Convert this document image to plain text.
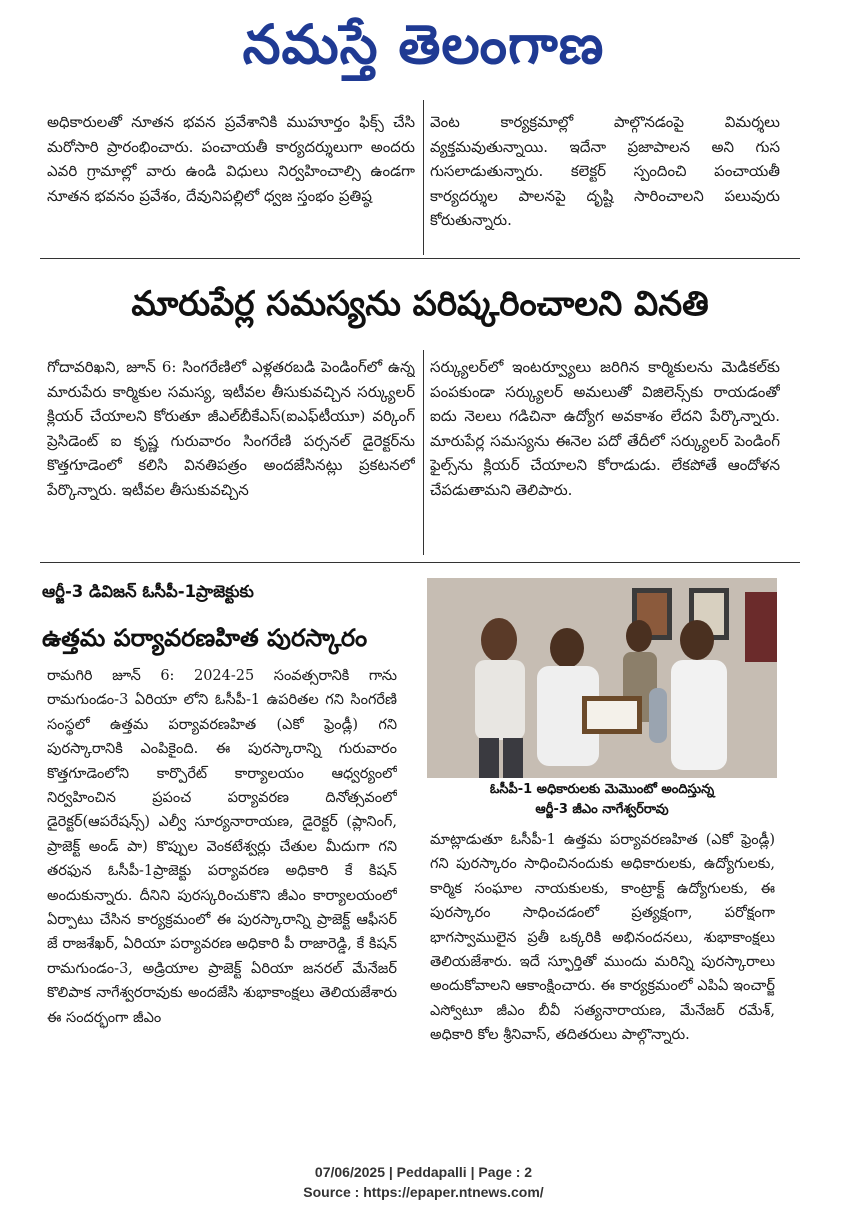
నమస్తే తెలంగాణ

అధికారులతో నూతన భవన ప్రవేశానికి ముహూర్తం ఫిక్స్ చేసి మరోసారి ప్రారంభించారు. పంచాయతీ కార్యదర్శులుగా అందరు ఎవరి గ్రామాల్లో వారు ఉండి విధులు నిర్వహించాల్సి ఉండగా నూతన భవనం ప్రవేశం, దేవునిపల్లిలో ధ్వజ స్తంభం ప్రతిష్ఠ

వెంట కార్యక్రమాల్లో పాల్గొనడంపై విమర్శలు వ్యక్తమవుతున్నాయి. ఇదేనా ప్రజాపాలన అని గుస గుసలాడుతున్నారు. కలెక్టర్ స్పందించి పంచాయతీ కార్యదర్శుల పాలనపై దృష్టి సారించాలని పలువురు కోరుతున్నారు.

మారుపేర్ల సమస్యను పరిష్కరించాలని వినతి

గోదావరిఖని, జూన్ 6: సింగరేణిలో ఎళ్లతరబడి పెండింగ్‌లో ఉన్న మారుపేరు కార్మికుల సమస్య, ఇటీవల తీసుకువచ్చిన సర్క్యులర్ క్లియర్ చేయాలని కోరుతూ జీఎల్‌బీకేఎస్(ఐఎఫ్‌టీయూ) వర్కింగ్ ప్రెసిడెంట్ ఐ కృష్ణ గురువారం సింగరేణి పర్సనల్ డైరెక్టర్‌ను కొత్తగూడెంలో కలిసి వినతిపత్రం అందజేసినట్లు ప్రకటనలో పేర్కొన్నారు. ఇటీవల తీసుకువచ్చిన

సర్క్యులర్‌లో ఇంటర్వ్యూలు జరిగిన కార్మికులను మెడికల్‌కు పంపకుండా సర్క్యులర్ అమలుతో విజిలెన్స్‌కు రాయడంతో ఐదు నెలలు గడిచినా ఉద్యోగ అవకాశం లేదని పేర్కొన్నారు. మారుపేర్ల సమస్యను ఈనెల పదో తేదీలో సర్క్యులర్ పెండింగ్ ఫైల్స్‌ను క్లియర్ చేయాలని కోరాడుడు. లేకపోతే ఆందోళన చేపడుతామని తెలిపారు.

ఆర్జీ-3 డివిజన్ ఓసీపీ-1ప్రాజెక్టుకు
ఉత్తమ పర్యావరణహిత పురస్కారం

రామగిరి జూన్ 6: 2024-25 సంవత్సరానికి గాను రామగుండం-3 ఏరియా లోని ఓసీపీ-1 ఉపరితల గని సింగరేణి సంస్థలో ఉత్తమ పర్యావరణహిత (ఎకో ఫ్రెండ్లీ) గని పురస్కారానికి ఎంపికైంది. ఈ పురస్కారాన్ని గురువారం కొత్తగూడెంలోని కార్పొరేట్ కార్యాలయం ఆధ్వర్యంలో నిర్వహించిన ప్రపంచ పర్యావరణ దినోత్సవంలో డైరెక్టర్(ఆపరేషన్స్) ఎల్వీ సూర్యనారాయణ, డైరెక్టర్ (ప్లానింగ్, ప్రాజెక్ట్ అండ్ పా) కొప్పుల వెంకటేశ్వర్లు చేతుల మీదుగా గని తరఫున ఓసీపీ-1ప్రాజెక్టు పర్యావరణ అధికారి కే కిషన్ అందుకున్నారు. దీనిని పురస్కరించుకొని జీఎం కార్యాలయంలో ఏర్పాటు చేసిన కార్యక్రమంలో ఈ పురస్కారాన్ని ప్రాజెక్ట్ ఆఫీసర్ జే రాజశేఖర్, ఏరియా పర్యావరణ అధికారి పీ రాజారెడ్డి, కే కిషన్ రామగుండం-3, అడ్రియాల ప్రాజెక్ట్ ఏరియా జనరల్ మేనేజర్ కొలిపాక నాగేశ్వరరావుకు అందజేసి శుభాకాంక్షలు తెలియజేశారు ఈ సందర్భంగా జీఎం

ఓసీపీ-1 అధికారులకు మెమొంటో అందిస్తున్న
ఆర్జీ-3 జీఎం నాగేశ్వర్‌రావు

మాట్లాడుతూ ఓసీపీ-1 ఉత్తమ పర్యావరణహిత (ఎకో ఫ్రెండ్లీ) గని పురస్కారం సాధించినందుకు అధికారులకు, ఉద్యోగులకు, కార్మిక సంఘాల నాయకులకు, కాంట్రాక్ట్ ఉద్యోగులకు, ఈ పురస్కారం సాధించడంలో ప్రత్యక్షంగా, పరోక్షంగా భాగస్వాములైన ప్రతీ ఒక్కరికి అభినందనలు, శుభాకాంక్షలు తెలియజేశారు. ఇదే స్ఫూర్తితో ముందు మరిన్ని పురస్కారాలు అందుకోవాలని ఆకాంక్షించారు. ఈ కార్యక్రమంలో ఎపిఏ ఇంచార్జ్ ఎస్వోటూ జీఎం బీవీ సత్యనారాయణ, మేనేజర్ రమేశ్, అధికారి కోల శ్రీనివాస్, తదితరులు పాల్గొన్నారు.

07/06/2025 | Peddapalli | Page : 2
Source : https://epaper.ntnews.com/
